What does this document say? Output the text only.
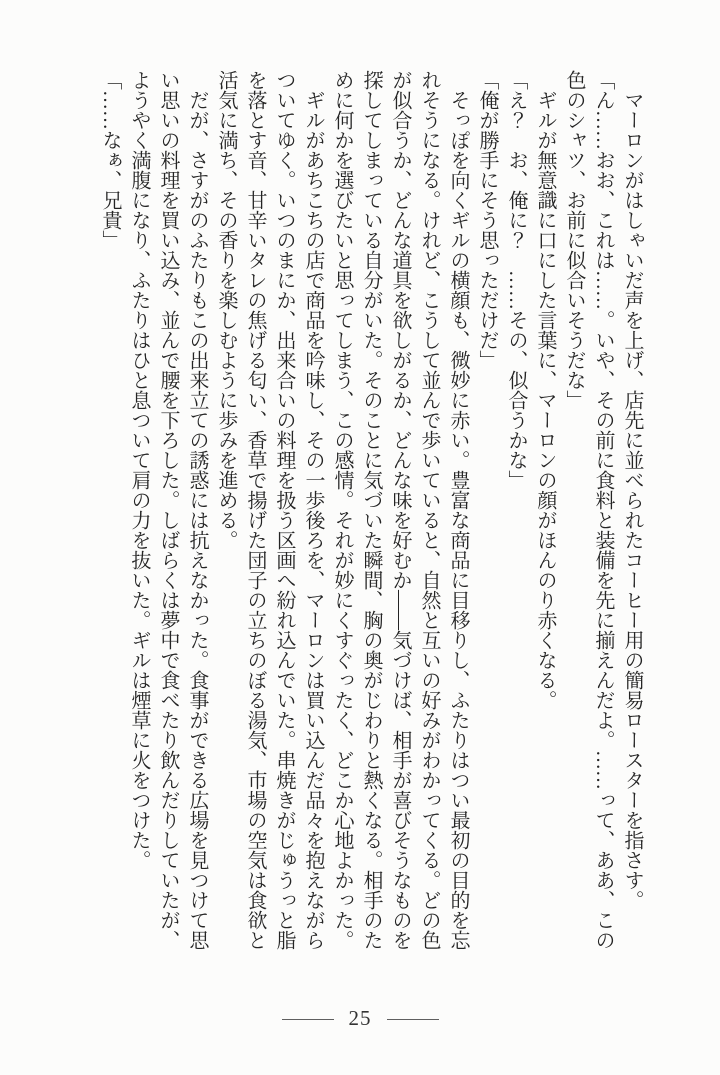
マーロンがはしゃいだ声を上げ、店先に並べられたコーヒー用の簡易ロースターを指さす。

「ん……おお、これは……。いや、その前に食料と装備を先に揃えんだよ。……って、ああ、この色のシャツ、お前に似合いそうだな」

ギルが無意識に口にした言葉に、マーロンの顔がほんのり赤くなる。

「え？　お、俺に？　……その、似合うかな」

「俺が勝手にそう思っただけだ」

そっぽを向くギルの横顔も、微妙に赤い。豊富な商品に目移りし、ふたりはつい最初の目的を忘れそうになる。けれど、こうして並んで歩いていると、自然と互いの好みがわかってくる。どの色が似合うか、どんな道具を欲しがるか、どんな味を好むか——気づけば、相手が喜びそうなものを探してしまっている自分がいた。そのことに気づいた瞬間、胸の奥がじわりと熱くなる。相手のために何かを選びたいと思ってしまう、この感情。それが妙にくすぐったく、どこか心地よかった。

ギルがあちこちの店で商品を吟味し、その一歩後ろを、マーロンは買い込んだ品々を抱えながらついてゆく。いつのまにか、出来合いの料理を扱う区画へ紛れ込んでいた。串焼きがじゅうっと脂を落とす音、甘辛いタレの焦げる匂い、香草で揚げた団子の立ちのぼる湯気、市場の空気は食欲と活気に満ち、その香りを楽しむように歩みを進める。

だが、さすがのふたりもこの出来立ての誘惑には抗えなかった。食事ができる広場を見つけて思い思いの料理を買い込み、並んで腰を下ろした。しばらくは夢中で食べたり飲んだりしていたが、ようやく満腹になり、ふたりはひと息ついて肩の力を抜いた。ギルは煙草に火をつけた。

「……なぁ、兄貴」

25
